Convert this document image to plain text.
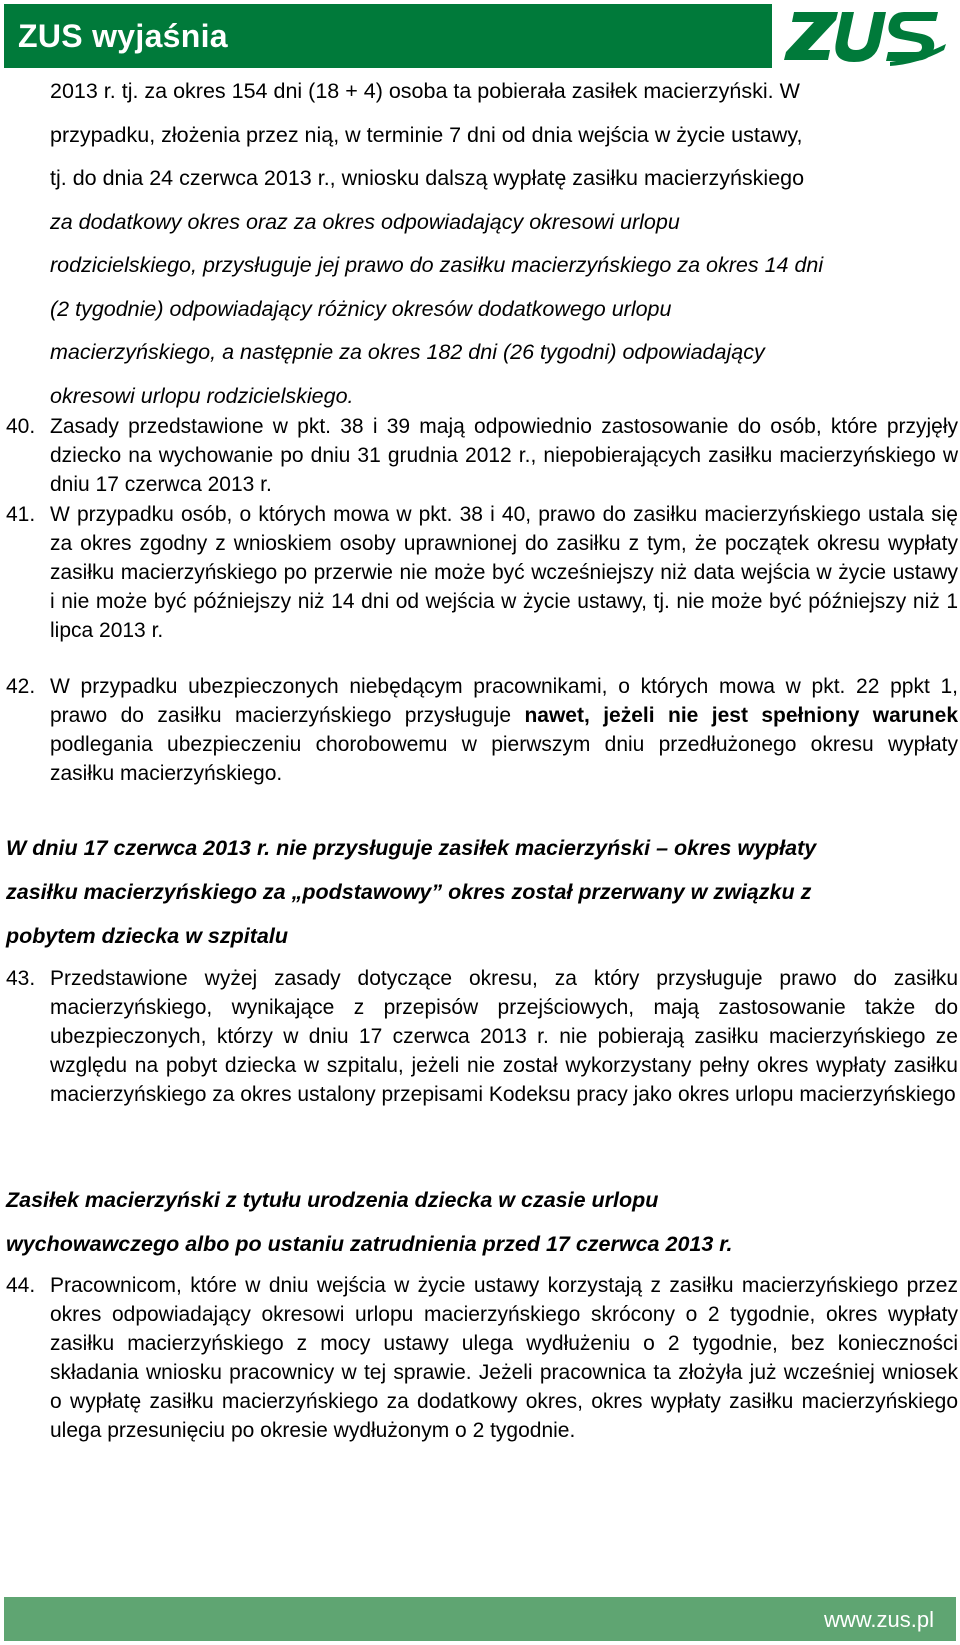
ZUS wyjaśnia
2013 r. tj. za okres 154 dni (18 + 4) osoba ta pobierała zasiłek macierzyński. W
przypadku, złożenia przez nią, w terminie 7 dni od dnia wejścia w życie ustawy,
tj. do dnia 24 czerwca 2013 r., wniosku dalszą wypłatę zasiłku macierzyńskiego
za dodatkowy okres oraz za okres odpowiadający okresowi urlopu
rodzicielskiego, przysługuje jej prawo do zasiłku macierzyńskiego za okres 14 dni
(2 tygodnie) odpowiadający różnicy okresów dodatkowego urlopu
macierzyńskiego, a następnie za okres 182 dni (26 tygodni) odpowiadający
okresowi urlopu rodzicielskiego.
40. Zasady przedstawione w pkt. 38 i 39 mają odpowiednio zastosowanie do osób, które przyjęły dziecko na wychowanie po dniu 31 grudnia 2012 r., niepobierających zasiłku macierzyńskiego w dniu 17 czerwca 2013 r.
41. W przypadku osób, o których mowa w pkt. 38 i 40, prawo do zasiłku macierzyńskiego ustala się za okres zgodny z wnioskiem osoby uprawnionej do zasiłku z tym, że początek okresu wypłaty zasiłku macierzyńskiego po przerwie nie może być wcześniejszy niż data wejścia w życie ustawy i nie może być późniejszy niż 14 dni od wejścia w życie ustawy, tj. nie może być późniejszy niż 1 lipca 2013 r.
42. W przypadku ubezpieczonych niebędącym pracownikami, o których mowa w pkt. 22 ppkt 1, prawo do zasiłku macierzyńskiego przysługuje nawet, jeżeli nie jest spełniony warunek podlegania ubezpieczeniu chorobowemu w pierwszym dniu przedłużonego okresu wypłaty zasiłku macierzyńskiego.
W dniu 17 czerwca 2013 r. nie przysługuje zasiłek macierzyński – okres wypłaty
zasiłku macierzyńskiego za „podstawowy” okres został przerwany w związku z
pobytem dziecka w szpitalu
43. Przedstawione wyżej zasady dotyczące okresu, za który przysługuje prawo do zasiłku macierzyńskiego, wynikające z przepisów przejściowych, mają zastosowanie także do ubezpieczonych, którzy w dniu 17 czerwca 2013 r. nie pobierają zasiłku macierzyńskiego ze względu na pobyt dziecka w szpitalu, jeżeli nie został wykorzystany pełny okres wypłaty zasiłku macierzyńskiego za okres ustalony przepisami Kodeksu pracy jako okres urlopu macierzyńskiego
Zasiłek macierzyński z tytułu urodzenia dziecka w czasie urlopu
wychowawczego albo po ustaniu zatrudnienia przed 17 czerwca 2013 r.
44. Pracownicom, które w dniu wejścia w życie ustawy korzystają z zasiłku macierzyńskiego przez okres odpowiadający okresowi urlopu macierzyńskiego skrócony o 2 tygodnie, okres wypłaty zasiłku macierzyńskiego z mocy ustawy ulega wydłużeniu o 2 tygodnie, bez konieczności składania wniosku pracownicy w tej sprawie. Jeżeli pracownica ta złożyła już wcześniej wniosek o wypłatę zasiłku macierzyńskiego za dodatkowy okres, okres wypłaty zasiłku macierzyńskiego ulega przesunięciu po okresie wydłużonym o 2 tygodnie.
www.zus.pl
